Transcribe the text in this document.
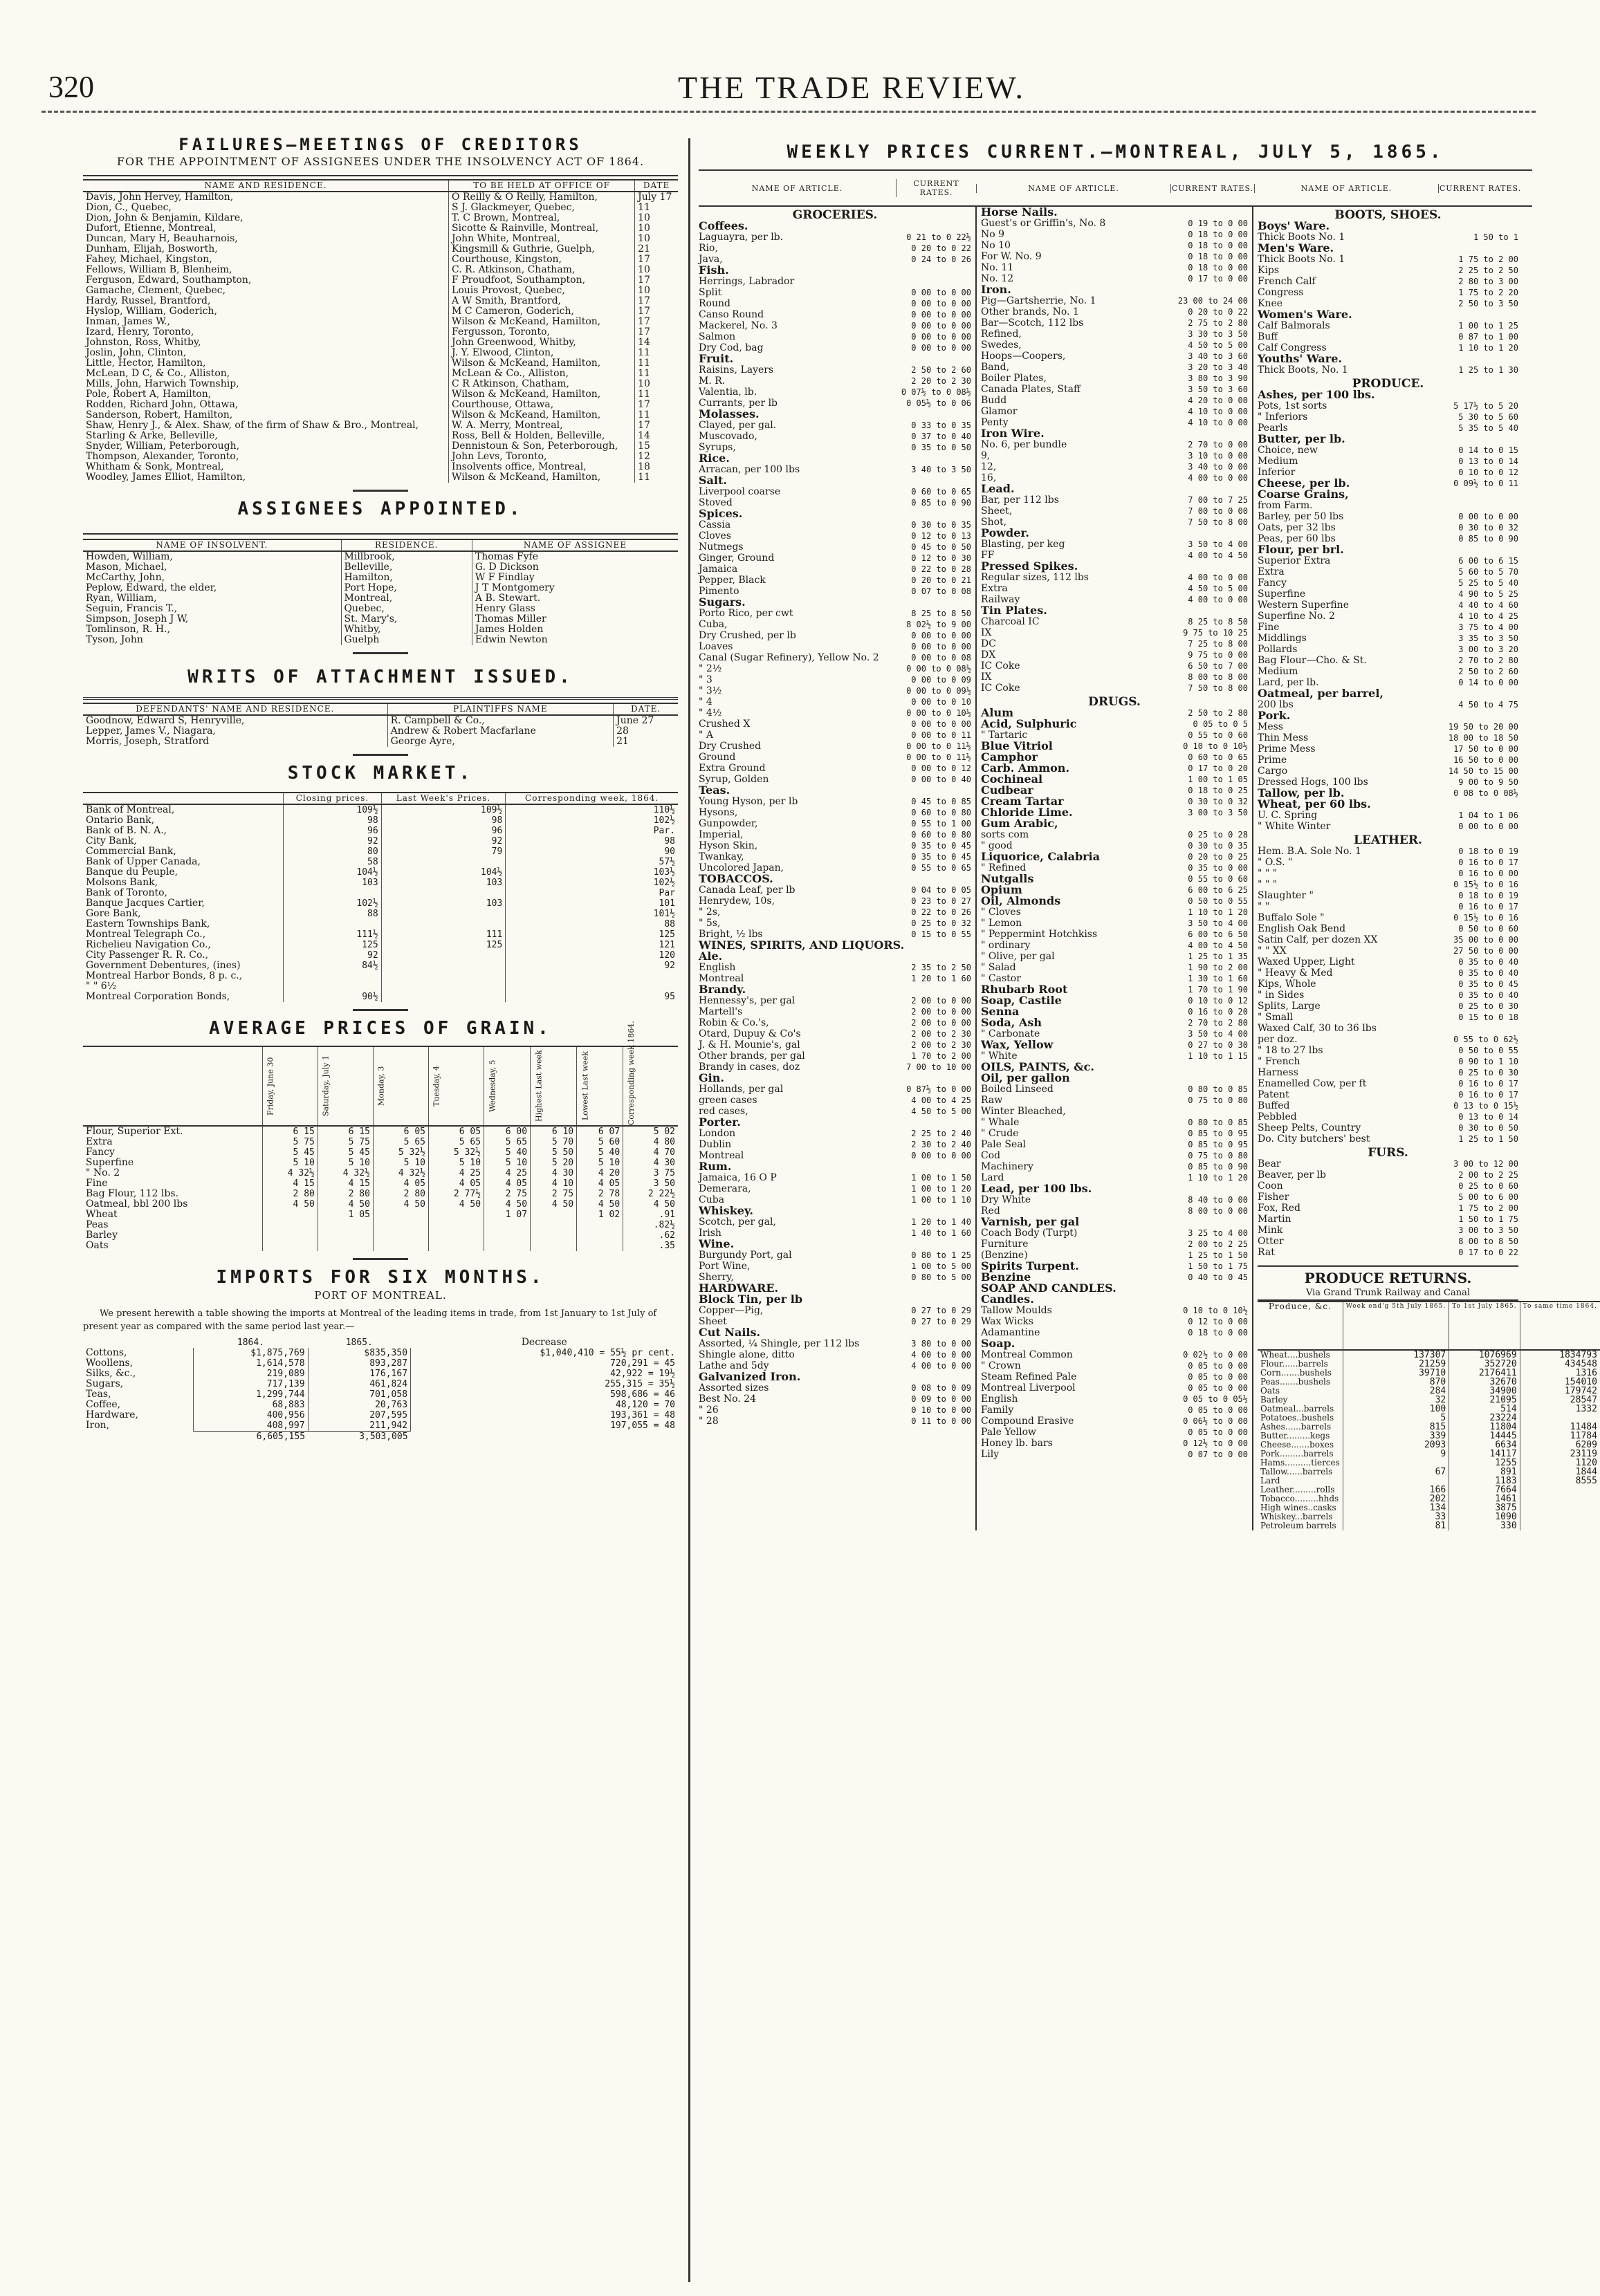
320	THE TRADE REVIEW.
FAILURES—MEETINGS OF CREDITORS
FOR THE APPOINTMENT OF ASSIGNEES UNDER THE INSOLVENCY ACT OF 1864.
NAME AND RESIDENCE.	TO BE HELD AT OFFICE OF	DATE
Davis, John Hervey, Hamilton,	O Reilly & O Reilly, Hamilton,	July 17
Dion, C., Quebec,	S J. Glackmeyer, Quebec,	11
Dion, John & Benjamin, Kildare,	T. C Brown, Montreal,	10
Dufort, Etienne, Montreal,	Sicotte & Rainville, Montreal,	10
Duncan, Mary H, Beauharnois,	John White, Montreal,	10
Dunham, Elijah, Bosworth,	Kingsmill & Guthrie, Guelph,	21
Fahey, Michael, Kingston,	Courthouse, Kingston,	17
Fellows, William B, Blenheim,	C. R. Atkinson, Chatham,	10
Ferguson, Edward, Southampton,	F Proudfoot, Southampton,	17
Gamache, Clement, Quebec,	Louis Provost, Quebec,	10
Hardy, Russel, Brantford,	A W Smith, Brantford,	17
Hyslop, William, Goderich,	M C Cameron, Goderich,	17
Inman, James W.,	Wilson & McKeand, Hamilton,	17
Izard, Henry, Toronto,	Fergusson, Toronto,	17
Johnston, Ross, Whitby,	John Greenwood, Whitby,	14
Joslin, John, Clinton,	J. Y. Elwood, Clinton,	11
Little, Hector, Hamilton,	Wilson & McKeand, Hamilton,	11
McLean, D C, & Co., Alliston,	McLean & Co., Alliston,	11
Mills, John, Harwich Township,	C R Atkinson, Chatham,	10
Pole, Robert A, Hamilton,	Wilson & McKeand, Hamilton,	11
Rodden, Richard John, Ottawa,	Courthouse, Ottawa,	17
Sanderson, Robert, Hamilton,	Wilson & McKeand, Hamilton,	11
Shaw, Henry J., & Alex. Shaw, of the firm of Shaw & Bro., Montreal,	W. A. Merry, Montreal,	17
Starling & Arke, Belleville,	Ross, Bell & Holden, Belleville,	14
Snyder, William, Peterborough,	Dennistoun & Son, Peterborough,	15
Thompson, Alexander, Toronto,	John Levs, Toronto,	12
Whitham & Sonk, Montreal,	Insolvents office, Montreal,	18
Woodley, James Elliot, Hamilton,	Wilson & McKeand, Hamilton,	11
ASSIGNEES APPOINTED.
NAME OF INSOLVENT.	RESIDENCE.	NAME OF ASSIGNEE
Howden, William,	Millbrook,	Thomas Fyfe
Mason, Michael,	Belleville,	G. D Dickson
McCarthy, John,	Hamilton,	W F Findlay
Peplow, Edward, the elder,	Port Hope,	J T Montgomery
Ryan, William,	Montreal,	A B. Stewart.
Seguin, Francis T.,	Quebec,	Henry Glass
Simpson, Joseph J W,	St. Mary's,	Thomas Miller
Tomlinson, R. H.,	Whitby,	James Holden
Tyson, John	Guelph	Edwin Newton
WRITS OF ATTACHMENT ISSUED.
DEFENDANTS' NAME AND RESIDENCE.	PLAINTIFFS NAME	DATE.
Goodnow, Edward S, Henryville,	R. Campbell & Co.,	June 27
Lepper, James V., Niagara,	Andrew & Robert Macfarlane	28
Morris, Joseph, Stratford	George Ayre,	21
STOCK MARKET.
	Closing prices.	Last Week's Prices.	Corresponding week, 1864.
Bank of Montreal,	109½	109½	110½
Ontario Bank,	98	98	102½
Bank of B. N. A.,	96	96	Par.
City Bank,	92	92	98
Commercial Bank,	80	79	90
Bank of Upper Canada,	58		57½
Banque du Peuple,	104½	104½	103½
Molsons Bank,	103	103	102½
Bank of Toronto,			Par
Banque Jacques Cartier,	102½	103	101
Gore Bank,	88		101½
Eastern Townships Bank,			88
Montreal Telegraph Co.,	111½	111	125
Richelieu Navigation Co.,	125	125	121
City Passenger R. R. Co.,	92		120
Government Debentures, (ines)	84½		92
Montreal Harbor Bonds, 8 p. c.,			
" " 6½			
Montreal Corporation Bonds,	90½		95
AVERAGE PRICES OF GRAIN.
	Friday, June 30	Saturday, July 1	Monday, 3	Tuesday, 4	Wednesday, 5	Highest Last week	Lowest Last week	Corresponding week 1864.
Flour, Superior Ext.	6 15	6 15	6 05	6 05	6 00	6 10	6 07	5 02
Extra	5 75	5 75	5 65	5 65	5 65	5 70	5 60	4 80
Fancy	5 45	5 45	5 32½	5 32½	5 40	5 50	5 40	4 70
Superfine	5 10	5 10	5 10	5 10	5 10	5 20	5 10	4 30
" No. 2	4 32½	4 32½	4 32½	4 25	4 25	4 30	4 20	3 75
Fine	4 15	4 15	4 05	4 05	4 05	4 10	4 05	3 50
Bag Flour, 112 lbs.	2 80	2 80	2 80	2 77½	2 75	2 75	2 78	2 22½
Oatmeal, bbl 200 lbs	4 50	4 50	4 50	4 50	4 50	4 50	4 50	4 50
Wheat		1 05			1 07		1 02	.91
Peas								.82½
Barley								.62
Oats								.35
IMPORTS FOR SIX MONTHS.
PORT OF MONTREAL.
We present herewith a table showing the imports at Montreal of the leading items in trade, from 1st January to 1st July of present year as compared with the same period last year.—
	1864.	1865.	Decrease
Cottons,	$1,875,769	$835,350	$1,040,410 = 55½ pr cent.
Woollens,	1,614,578	893,287	720,291 = 45
Silks, &c.,	219,089	176,167	42,922 = 19½
Sugars,	717,139	461,824	255,315 = 35½
Teas,	1,299,744	701,058	598,686 = 46
Coffee,	68,883	20,763	48,120 = 70
Hardware,	400,956	207,595	193,361 = 48
Iron,	408,997	211,942	197,055 = 48
	6,605,155	3,503,005	
WEEKLY PRICES CURRENT.—MONTREAL, JULY 5, 1865.
NAME OF ARTICLE.	CURRENT RATES.	NAME OF ARTICLE.	CURRENT RATES.	NAME OF ARTICLE.	CURRENT RATES.
GROCERIES.
Coffees.
Laguayra, per lb.	0 21 to 0 22½
Rio,	0 20 to 0 22
Java,	0 24 to 0 26
Fish.
Herrings, Labrador
Split	0 00 to 0 00
Round	0 00 to 0 00
Canso Round	0 00 to 0 00
Mackerel, No. 3	0 00 to 0 00
Salmon	0 00 to 0 00
Dry Cod, bag	0 00 to 0 00
Fruit.
Raisins, Layers	2 50 to 2 60
M. R.	2 20 to 2 30
Valentia, lb.	0 07½ to 0 08½
Currants, per lb	0 05½ to 0 06
Molasses.
Clayed, per gal.	0 33 to 0 35
Muscovado,	0 37 to 0 40
Syrups,	0 35 to 0 50
Rice.
Arracan, per 100 lbs	3 40 to 3 50
Salt.
Liverpool coarse	0 60 to 0 65
Stoved	0 85 to 0 90
Spices.
Cassia	0 30 to 0 35
Cloves	0 12 to 0 13
Nutmegs	0 45 to 0 50
Ginger, Ground	0 12 to 0 30
Jamaica	0 22 to 0 28
Pepper, Black	0 20 to 0 21
Pimento	0 07 to 0 08
Sugars.
Porto Rico, per cwt	8 25 to 8 50
Cuba,	8 02½ to 9 00
Dry Crushed, per lb	0 00 to 0 00
Loaves	0 00 to 0 00
Canal (Sugar Refinery), Yellow No. 2	0 00 to 0 08
" 2½	0 00 to 0 08½
" 3	0 00 to 0 09
" 3½	0 00 to 0 09½
" 4	0 00 to 0 10
" 4½	0 00 to 0 10½
Crushed X	0 00 to 0 00
" A	0 00 to 0 11
Dry Crushed	0 00 to 0 11½
Ground	0 00 to 0 11½
Extra Ground	0 00 to 0 12
Syrup, Golden	0 00 to 0 40
Teas.
Young Hyson, per lb	0 45 to 0 85
Hysons,	0 60 to 0 80
Gunpowder,	0 55 to 1 00
Imperial,	0 60 to 0 80
Hyson Skin,	0 35 to 0 45
Twankay,	0 35 to 0 45
Uncolored Japan,	0 55 to 0 65
TOBACCOS.
Canada Leaf, per lb	0 04 to 0 05
Henrydew, 10s,	0 23 to 0 27
" 2s,	0 22 to 0 26
" 5s,	0 25 to 0 32
Bright, ½ lbs	0 15 to 0 55
WINES, SPIRITS, AND LIQUORS.
Ale.
English	2 35 to 2 50
Montreal	1 20 to 1 60
Brandy.
Hennessy's, per gal	2 00 to 0 00
Martell's	2 00 to 0 00
Robin & Co.'s,	2 00 to 0 00
Otard, Dupuy & Co's	2 00 to 2 30
J. & H. Mounie's, gal	2 00 to 2 30
Other brands, per gal	1 70 to 2 00
Brandy in cases, doz	7 00 to 10 00
Gin.
Hollands, per gal	0 87½ to 0 00
green cases	4 00 to 4 25
red cases,	4 50 to 5 00
Porter.
London	2 25 to 2 40
Dublin	2 30 to 2 40
Montreal	0 00 to 0 00
Rum.
Jamaica, 16 O P	1 00 to 1 50
Demerara,	1 00 to 1 20
Cuba	1 00 to 1 10
Whiskey.
Scotch, per gal,	1 20 to 1 40
Irish	1 40 to 1 60
Wine.
Burgundy Port, gal	0 80 to 1 25
Port Wine,	1 00 to 5 00
Sherry,	0 80 to 5 00
HARDWARE.
Block Tin, per lb
Copper—Pig,	0 27 to 0 29
Sheet	0 27 to 0 29
Cut Nails.
Assorted, ¼ Shingle, per 112 lbs	3 80 to 0 00
Shingle alone, ditto	4 00 to 0 00
Lathe and 5dy	4 00 to 0 00
Galvanized Iron.
Assorted sizes	0 08 to 0 09
Best No. 24	0 09 to 0 00
" 26	0 10 to 0 00
" 28	0 11 to 0 00
Horse Nails.
Guest's or Griffin's, No. 8	0 19 to 0 00
No 9	0 18 to 0 00
No 10	0 18 to 0 00
For W. No. 9	0 18 to 0 00
No. 11	0 18 to 0 00
No. 12	0 17 to 0 00
Iron.
Pig—Gartsherrie, No. 1	23 00 to 24 00
Other brands, No. 1	0 20 to 0 22
Bar—Scotch, 112 lbs	2 75 to 2 80
Refined,	3 30 to 3 50
Swedes,	4 50 to 5 00
Hoops—Coopers,	3 40 to 3 60
Band,	3 20 to 3 40
Boiler Plates,	3 80 to 3 90
Canada Plates, Staff	3 50 to 3 60
Budd	4 20 to 0 00
Glamor	4 10 to 0 00
Penty	4 10 to 0 00
Iron Wire.
No. 6, per bundle	2 70 to 0 00
9,	3 10 to 0 00
12,	3 40 to 0 00
16,	4 00 to 0 00
Lead.
Bar, per 112 lbs	7 00 to 7 25
Sheet,	7 00 to 0 00
Shot,	7 50 to 8 00
Powder.
Blasting, per keg	3 50 to 4 00
FF	4 00 to 4 50
Pressed Spikes.
Regular sizes, 112 lbs	4 00 to 0 00
Extra	4 50 to 5 00
Railway	4 00 to 0 00
Tin Plates.
Charcoal IC	8 25 to 8 50
IX	9 75 to 10 25
DC	7 25 to 8 00
DX	9 75 to 0 00
IC Coke	6 50 to 7 00
IX	8 00 to 8 00
IC Coke	7 50 to 8 00
DRUGS.
Alum	2 50 to 2 80
Acid, Sulphuric	0 05 to 0 5
" Tartaric	0 55 to 0 60
Blue Vitriol	0 10 to 0 10½
Camphor	0 60 to 0 65
Carb. Ammon.	0 17 to 0 20
Cochineal	1 00 to 1 05
Cudbear	0 18 to 0 25
Cream Tartar	0 30 to 0 32
Chloride Lime.	3 00 to 3 50
Gum Arabic,
sorts com	0 25 to 0 28
" good	0 30 to 0 35
Liquorice, Calabria	0 20 to 0 25
" Refined	0 35 to 0 00
Nutgalls	0 55 to 0 60
Opium	6 00 to 6 25
Oil, Almonds	0 50 to 0 55
" Cloves	1 10 to 1 20
" Lemon	3 50 to 4 00
" Peppermint Hotchkiss	6 00 to 6 50
" ordinary	4 00 to 4 50
" Olive, per gal	1 25 to 1 35
" Salad	1 90 to 2 00
" Castor	1 30 to 1 60
Rhubarb Root	1 70 to 1 90
Soap, Castile	0 10 to 0 12
Senna	0 16 to 0 20
Soda, Ash	2 70 to 2 80
" Carbonate	3 50 to 4 00
Wax, Yellow	0 27 to 0 30
" White	1 10 to 1 15
OILS, PAINTS, &c.
Oil, per gallon
Boiled Linseed	0 80 to 0 85
Raw	0 75 to 0 80
Winter Bleached,
" Whale	0 80 to 0 85
" Crude	0 85 to 0 95
Pale Seal	0 85 to 0 95
Cod	0 75 to 0 80
Machinery	0 85 to 0 90
Lard	1 10 to 1 20
Lead, per 100 lbs.
Dry White	8 40 to 0 00
Red	8 00 to 0 00
Varnish, per gal
Coach Body (Turpt)	3 25 to 4 00
Furniture	2 00 to 2 25
(Benzine)	1 25 to 1 50
Spirits Turpent.	1 50 to 1 75
Benzine	0 40 to 0 45
SOAP AND CANDLES.
Candles.
Tallow Moulds	0 10 to 0 10½
Wax Wicks	0 12 to 0 00
Adamantine	0 18 to 0 00
Soap.
Montreal Common	0 02½ to 0 00
" Crown	0 05 to 0 00
Steam Refined Pale	0 05 to 0 00
Montreal Liverpool	0 05 to 0 00
English	0 05 to 0 05½
Family	0 05 to 0 00
Compound Erasive	0 06½ to 0 00
Pale Yellow	0 05 to 0 00
Honey lb. bars	0 12½ to 0 00
Lily	0 07 to 0 00
BOOTS, SHOES.
Boys' Ware.
Thick Boots No. 1	1 50 to 1
Men's Ware.
Thick Boots No. 1	1 75 to 2 00
Kips	2 25 to 2 50
French Calf	2 80 to 3 00
Congress	1 75 to 2 20
Knee	2 50 to 3 50
Women's Ware.
Calf Balmorals	1 00 to 1 25
Buff	0 87 to 1 00
Calf Congress	1 10 to 1 20
Youths' Ware.
Thick Boots, No. 1	1 25 to 1 30
PRODUCE.
Ashes, per 100 lbs.
Pots, 1st sorts	5 17½ to 5 20
" Inferiors	5 30 to 5 60
Pearls	5 35 to 5 40
Butter, per lb.
Choice, new	0 14 to 0 15
Medium	0 13 to 0 14
Inferior	0 10 to 0 12
Cheese, per lb.	0 09½ to 0 11
Coarse Grains,
from Farm.
Barley, per 50 lbs	0 00 to 0 00
Oats, per 32 lbs	0 30 to 0 32
Peas, per 60 lbs	0 85 to 0 90
Flour, per brl.
Superior Extra	6 00 to 6 15
Extra	5 60 to 5 70
Fancy	5 25 to 5 40
Superfine	4 90 to 5 25
Western Superfine	4 40 to 4 60
Superfine No. 2	4 10 to 4 25
Fine	3 75 to 4 00
Middlings	3 35 to 3 50
Pollards	3 00 to 3 20
Bag Flour—Cho. & St.	2 70 to 2 80
Medium	2 50 to 2 60
Lard, per lb.	0 14 to 0 00
Oatmeal, per barrel,
200 lbs	4 50 to 4 75
Pork.
Mess	19 50 to 20 00
Thin Mess	18 00 to 18 50
Prime Mess	17 50 to 0 00
Prime	16 50 to 0 00
Cargo	14 50 to 15 00
Dressed Hogs, 100 lbs	9 00 to 9 50
Tallow, per lb.	0 08 to 0 08½
Wheat, per 60 lbs.
U. C. Spring	1 04 to 1 06
" White Winter	0 00 to 0 00
LEATHER.
Hem. B.A. Sole No. 1	0 18 to 0 19
" O.S. "	0 16 to 0 17
" " "	0 16 to 0 00
" " "	0 15½ to 0 16
Slaughter "	0 18 to 0 19
" "	0 16 to 0 17
Buffalo Sole "	0 15½ to 0 16
English Oak Bend	0 50 to 0 60
Satin Calf, per dozen XX	35 00 to 0 00
" " XX	27 50 to 0 00
Waxed Upper, Light	0 35 to 0 40
" Heavy & Med	0 35 to 0 40
Kips, Whole	0 35 to 0 45
" in Sides	0 35 to 0 40
Splits, Large	0 25 to 0 30
" Small	0 15 to 0 18
Waxed Calf, 30 to 36 lbs
per doz.	0 55 to 0 62½
" 18 to 27 lbs	0 50 to 0 55
" French	0 90 to 1 10
Harness	0 25 to 0 30
Enamelled Cow, per ft	0 16 to 0 17
Patent	0 16 to 0 17
Buffed	0 13 to 0 15½
Pebbled	0 13 to 0 14
Sheep Pelts, Country	0 30 to 0 50
Do. City butchers' best	1 25 to 1 50
FURS.
Bear	3 00 to 12 00
Beaver, per lb	2 00 to 2 25
Coon	0 25 to 0 60
Fisher	5 00 to 6 00
Fox, Red	1 75 to 2 00
Martin	1 50 to 1 75
Mink	3 00 to 3 50
Otter	8 00 to 8 50
Rat	0 17 to 0 22
PRODUCE RETURNS.
Via Grand Trunk Railway and Canal
Produce, &c.	Week end'g 5th July 1865.	To 1st July 1865.	To same time 1864.
Wheat....bushels	137307	1076969	1834793
Flour......barrels	21259	352720	434548
Corn.......bushels	39710	2176411	1316
Peas.......bushels	870	32670	154010
Oats	284	34900	179742
Barley	32	21095	28547
Oatmeal...barrels	100	514	1332
Potatoes..bushels	5	23224	
Ashes......barrels	815	11804	11484
Butter.........kegs	339	14445	11784
Cheese.......boxes	2093	6634	6209
Pork.........barrels	9	14117	23119
Hams..........tierces		1255	1120
Tallow......barrels	67	891	1844
Lard		1183	8555
Leather.........rolls	166	7664	
Tobacco.........hhds	202	1461	
High wines..casks	134	3875	
Whiskey...barrels	33	1090	
Petroleum barrels	81	330	
